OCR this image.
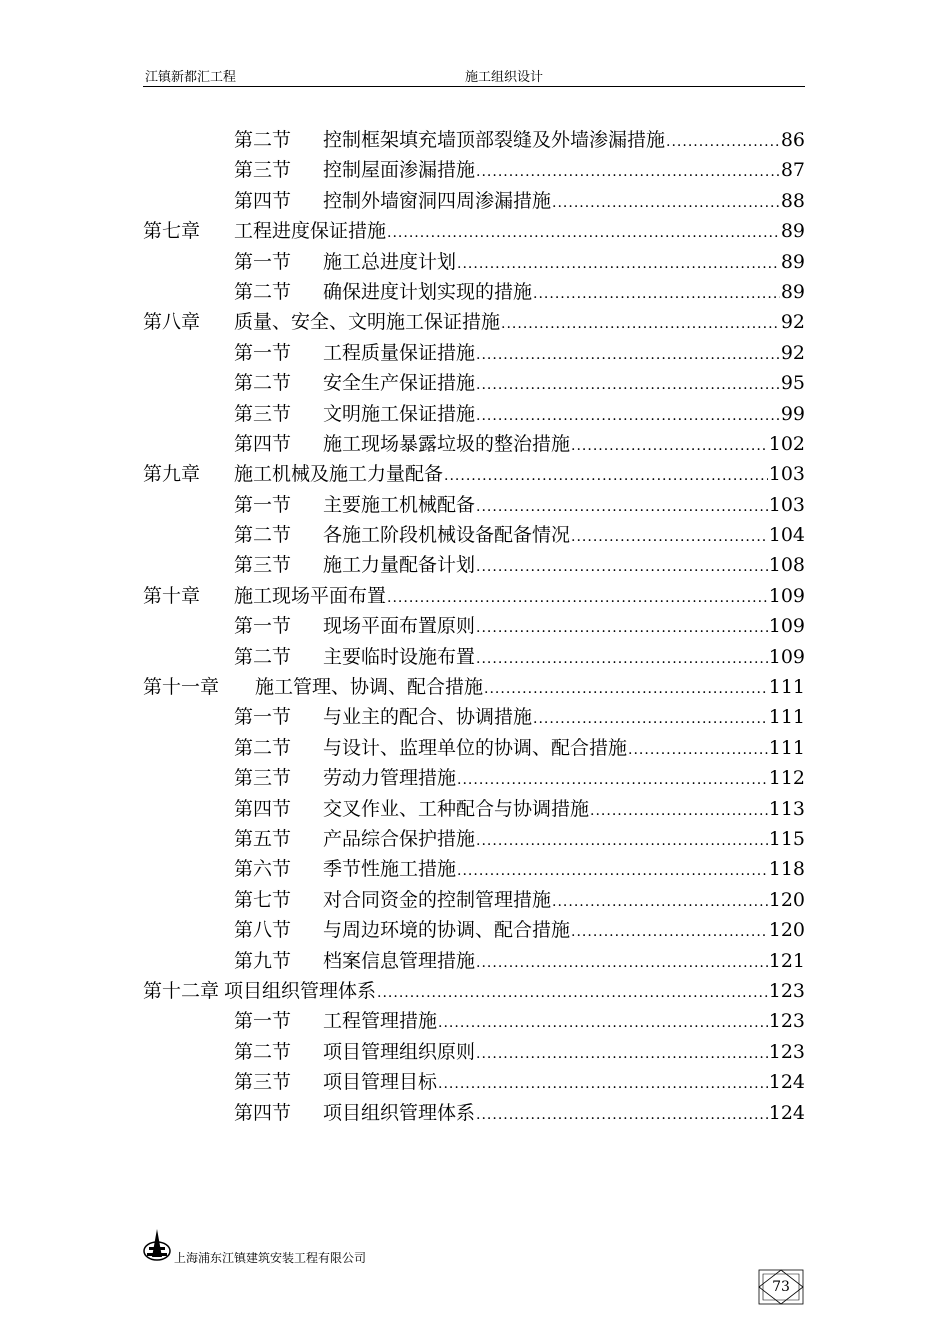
江镇新都汇工程	施工组织设计
第二节	控制框架填充墙顶部裂缝及外墙渗漏措施 .....	86
第三节	控制屋面渗漏措施 .....	87
第四节	控制外墙窗洞四周渗漏措施 .....	88
第七章	工程进度保证措施 .....	89
第一节	施工总进度计划 .....	89
第二节	确保进度计划实现的措施 .....	89
第八章	质量、安全、文明施工保证措施 .....	92
第一节	工程质量保证措施 .....	92
第二节	安全生产保证措施 .....	95
第三节	文明施工保证措施 .....	99
第四节	施工现场暴露垃圾的整治措施 .....	102
第九章	施工机械及施工力量配备 .....	103
第一节	主要施工机械配备 .....	103
第二节	各施工阶段机械设备配备情况 .....	104
第三节	施工力量配备计划 .....	108
第十章	施工现场平面布置 .....	109
第一节	现场平面布置原则 .....	109
第二节	主要临时设施布置 .....	109
第十一章	施工管理、协调、配合措施 .....	111
第一节	与业主的配合、协调措施 .....	111
第二节	与设计、监理单位的协调、配合措施 .....	111
第三节	劳动力管理措施 .....	112
第四节	交叉作业、工种配合与协调措施 .....	113
第五节	产品综合保护措施 .....	115
第六节	季节性施工措施 .....	118
第七节	对合同资金的控制管理措施 .....	120
第八节	与周边环境的协调、配合措施 .....	120
第九节	档案信息管理措施 .....	121
第十二章 项目组织管理体系 .....	123
第一节	工程管理措施 .....	123
第二节	项目管理组织原则 .....	123
第三节	项目管理目标 .....	124
第四节	项目组织管理体系 .....	124
上海浦东江镇建筑安装工程有限公司
73
